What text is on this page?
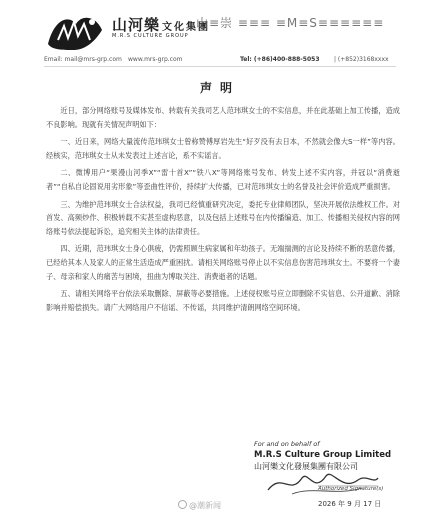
山河樂 文化集團
M.R.S CULTURE GROUP
山≡崇 ≡≡≡ ≡M≡S≡≡≡≡≡≡
Email: mail@mrs-grp.com www.mrs-grp.com	Tel: (+86)400-888-5053 | (+852)3168xxxx
声明

近日，部分网络账号及媒体发布、转载有关我司艺人范玮琪女士的不实信息，并在此基础上加工传播，造成不良影响。现就有关情况声明如下：

一、近日来，网络大量流传范玮琪女士曾称赞傅厚岩先生“好歹没有去日本，不然就会像大S一样”等内容。经核实，范玮琪女士从未发表过上述言论，系不实谣言。

二、微博用户“果漫山河季X”“雷十首X”“铁八X”等网络账号发布、转发上述不实内容，并冠以“消费逝者”“自私自论固说用劣形象”等歪曲性评价，持续扩大传播，已对范玮琪女士的名誉及社会评价造成严重损害。

三、为维护范玮琪女士合法权益，我司已经慎重研究决定，委托专业律师团队，坚决开展依法维权工作。对首发、高频炒作、积极转载不实甚至虚构恶意，以及包括上述账号在内传播编造、加工、传播相关侵权内容的网络账号依法提起诉讼，追究相关主体的法律责任。

四、近期，范玮琪女士身心俱疲，仍需照顾生病家属和年幼孩子。无端揣测的言论及持续不断的恶意传播，已经给其本人及家人的正常生活造成严重困扰。请相关网络账号停止以不实信息伤害范玮琪女士。不要将一个妻子、母亲和家人的痛苦与困境，扭曲为博取关注、消费逝者的话题。

五、请相关网络平台依法采取删除、屏蔽等必要措施。上述侵权账号应立即删除不实信息、公开道歉、消除影响并赔偿损失。请广大网络用户不信谣、不传谣，共同维护清朗网络空间环境。

For and on behalf of
M.R.S Culture Group Limited
山河樂文化發展集團有限公司
Authorized Signature(s)
2026 年 9 月 17 日
@潮新闻
